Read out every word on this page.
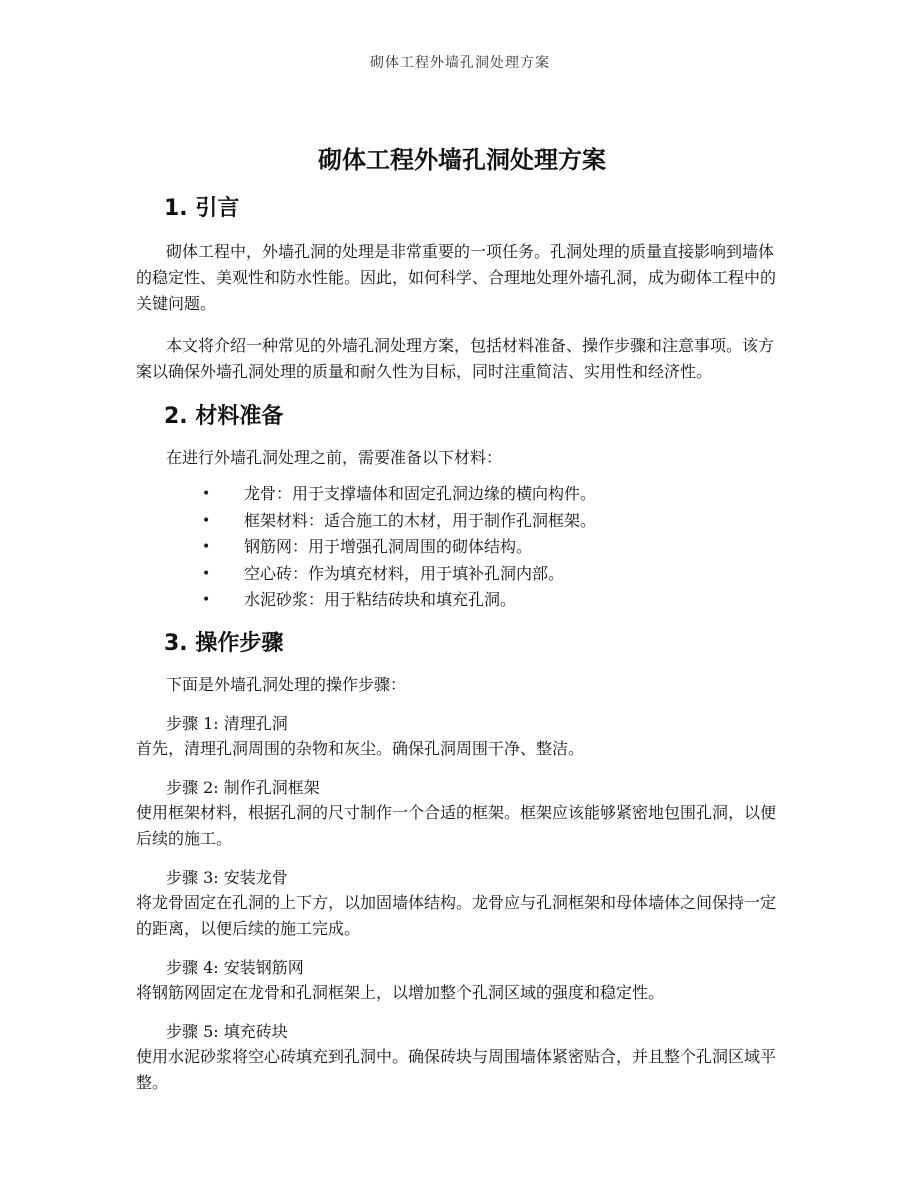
砌体工程外墙孔洞处理方案
砌体工程外墙孔洞处理方案
1. 引言

砌体工程中，外墙孔洞的处理是非常重要的一项任务。孔洞处理的质量直接影响到墙体的稳定性、美观性和防水性能。因此，如何科学、合理地处理外墙孔洞，成为砌体工程中的关键问题。

本文将介绍一种常见的外墙孔洞处理方案，包括材料准备、操作步骤和注意事项。该方案以确保外墙孔洞处理的质量和耐久性为目标，同时注重简洁、实用性和经济性。

2. 材料准备

在进行外墙孔洞处理之前，需要准备以下材料：

• 龙骨：用于支撑墙体和固定孔洞边缘的横向构件。
• 框架材料：适合施工的木材，用于制作孔洞框架。
• 钢筋网：用于增强孔洞周围的砌体结构。
• 空心砖：作为填充材料，用于填补孔洞内部。
• 水泥砂浆：用于粘结砖块和填充孔洞。
3. 操作步骤

下面是外墙孔洞处理的操作步骤：

步骤 1: 清理孔洞

首先，清理孔洞周围的杂物和灰尘。确保孔洞周围干净、整洁。

步骤 2: 制作孔洞框架

使用框架材料，根据孔洞的尺寸制作一个合适的框架。框架应该能够紧密地包围孔洞，以便后续的施工。

步骤 3: 安装龙骨

将龙骨固定在孔洞的上下方，以加固墙体结构。龙骨应与孔洞框架和母体墙体之间保持一定的距离，以便后续的施工完成。

步骤 4: 安装钢筋网

将钢筋网固定在龙骨和孔洞框架上，以增加整个孔洞区域的强度和稳定性。

步骤 5: 填充砖块

使用水泥砂浆将空心砖填充到孔洞中。确保砖块与周围墙体紧密贴合，并且整个孔洞区域平整。
